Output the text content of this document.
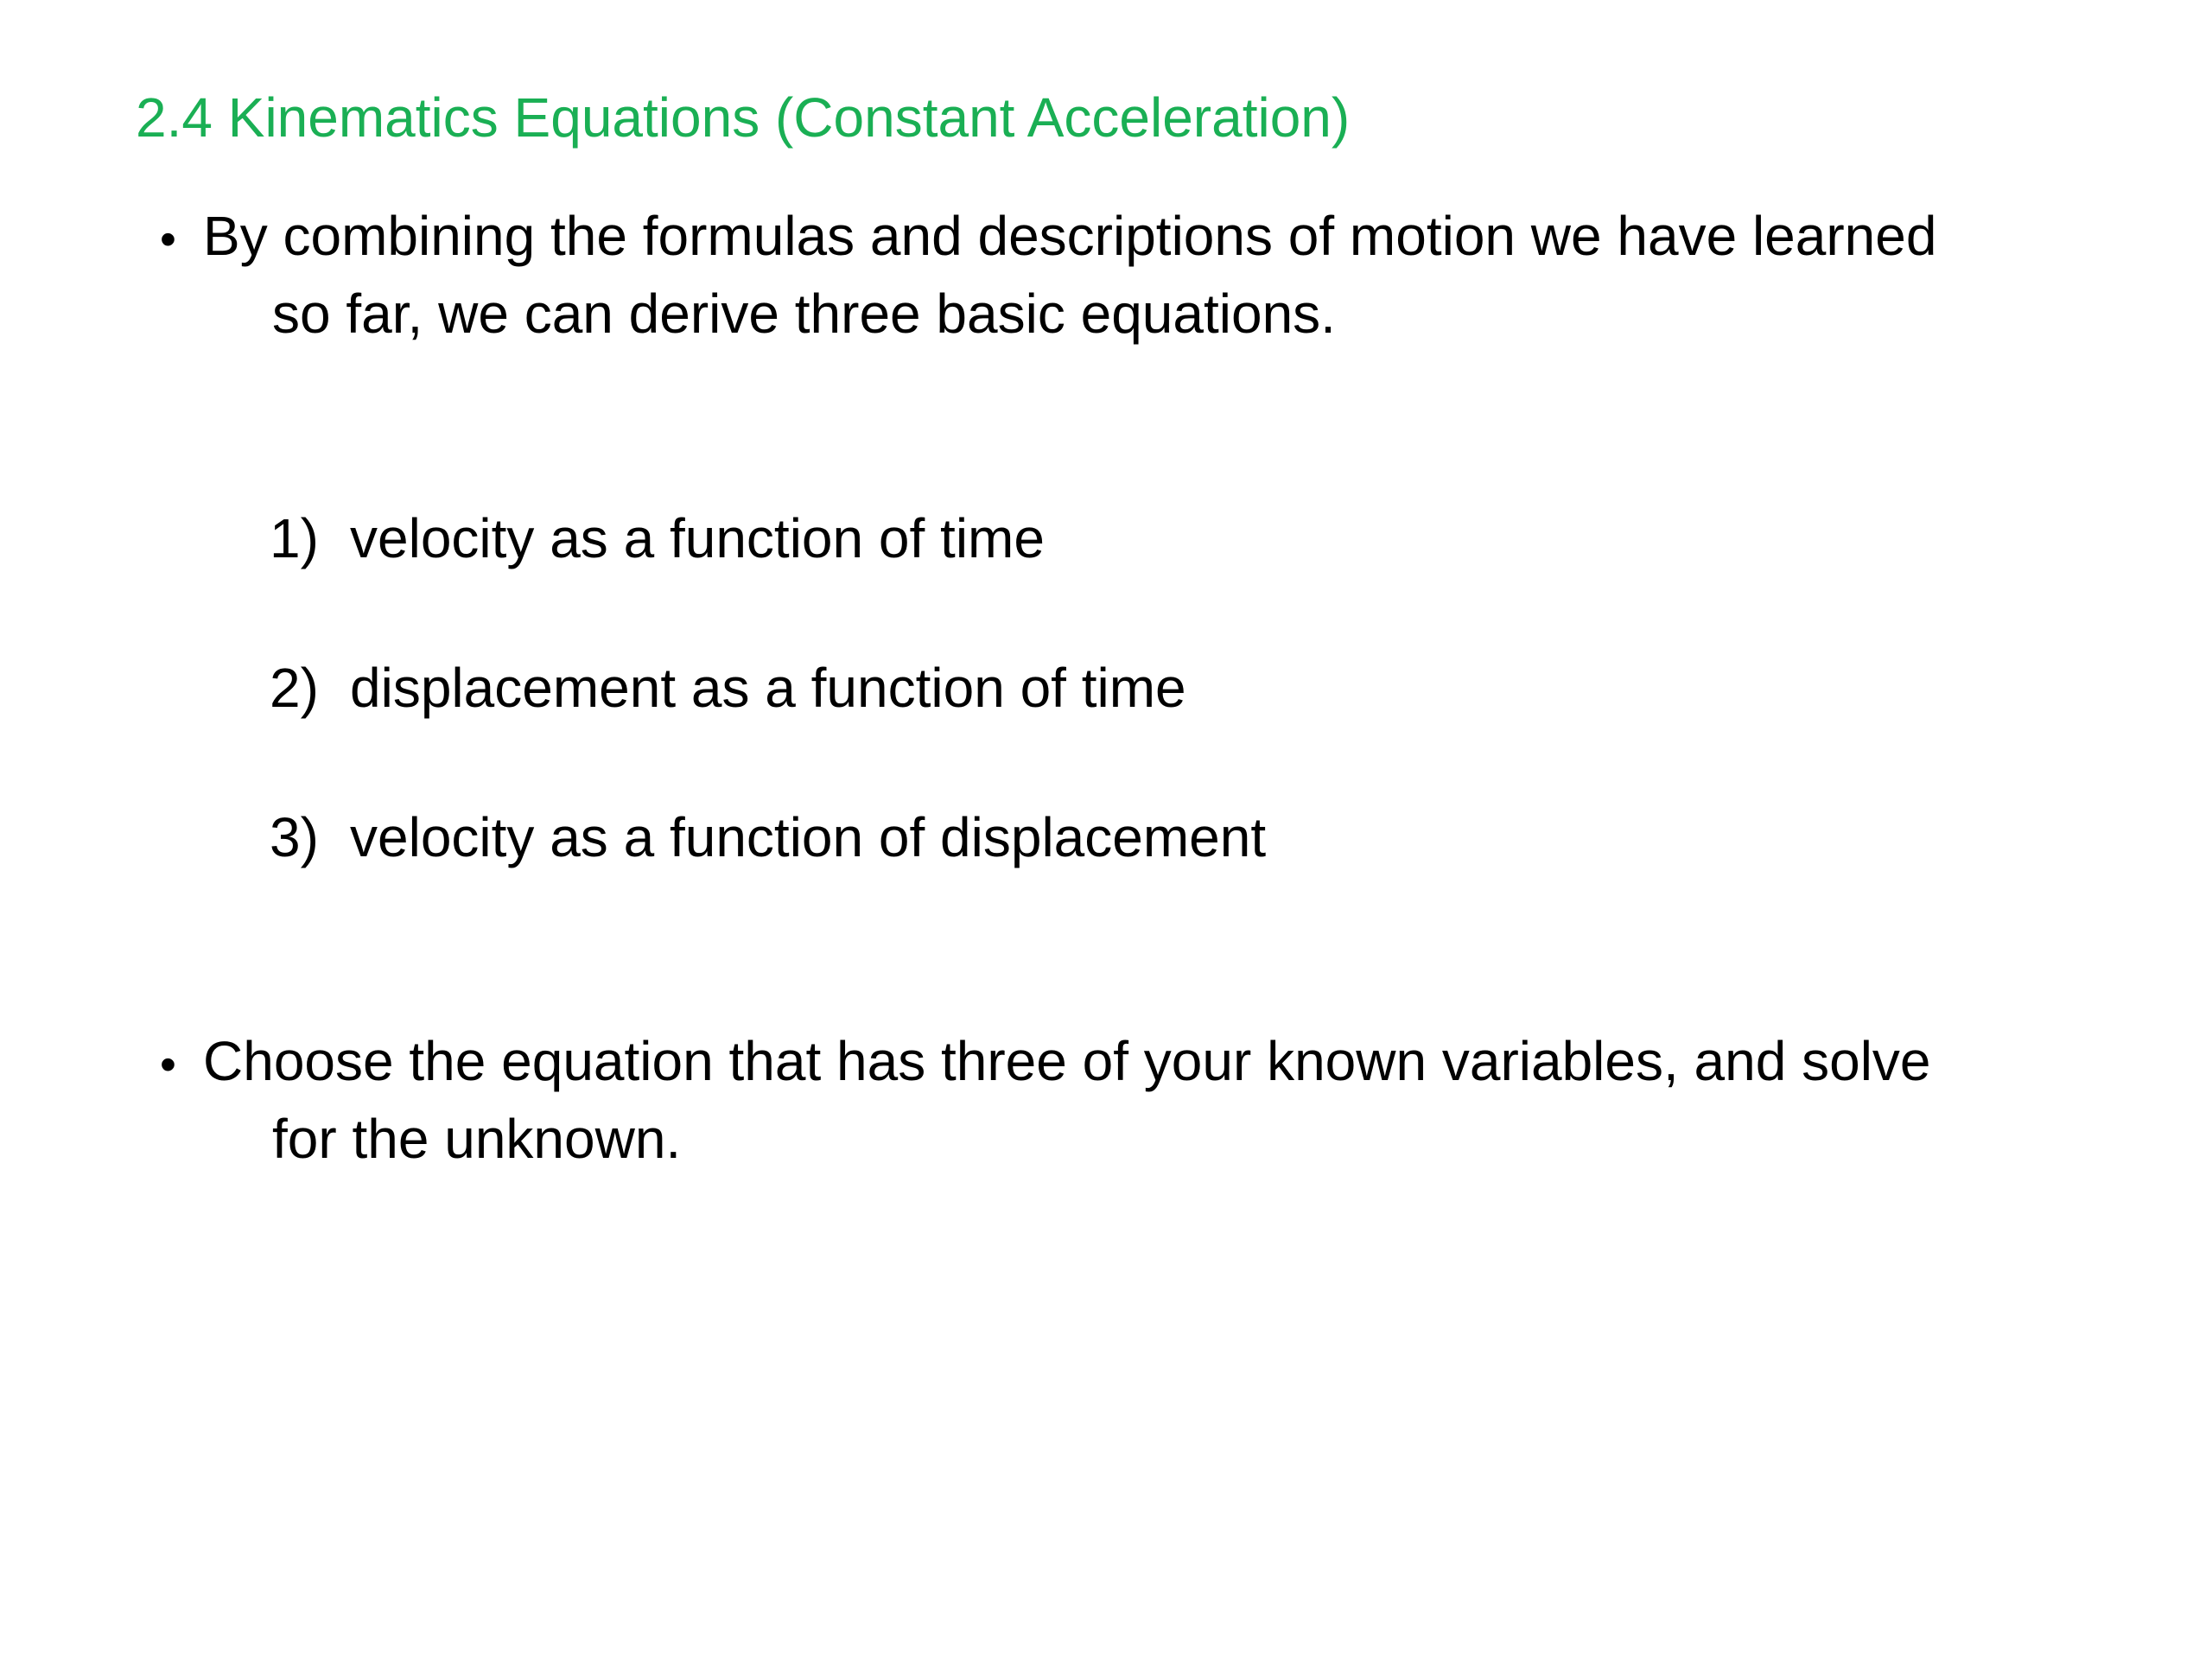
2.4 Kinematics Equations (Constant Acceleration)
• By combining the formulas and descriptions of motion we have learned
so far, we can derive three basic equations.
1) velocity as a function of time
2) displacement as a function of time
3) velocity as a function of displacement
• Choose the equation that has three of your known variables, and solve
for the unknown.
